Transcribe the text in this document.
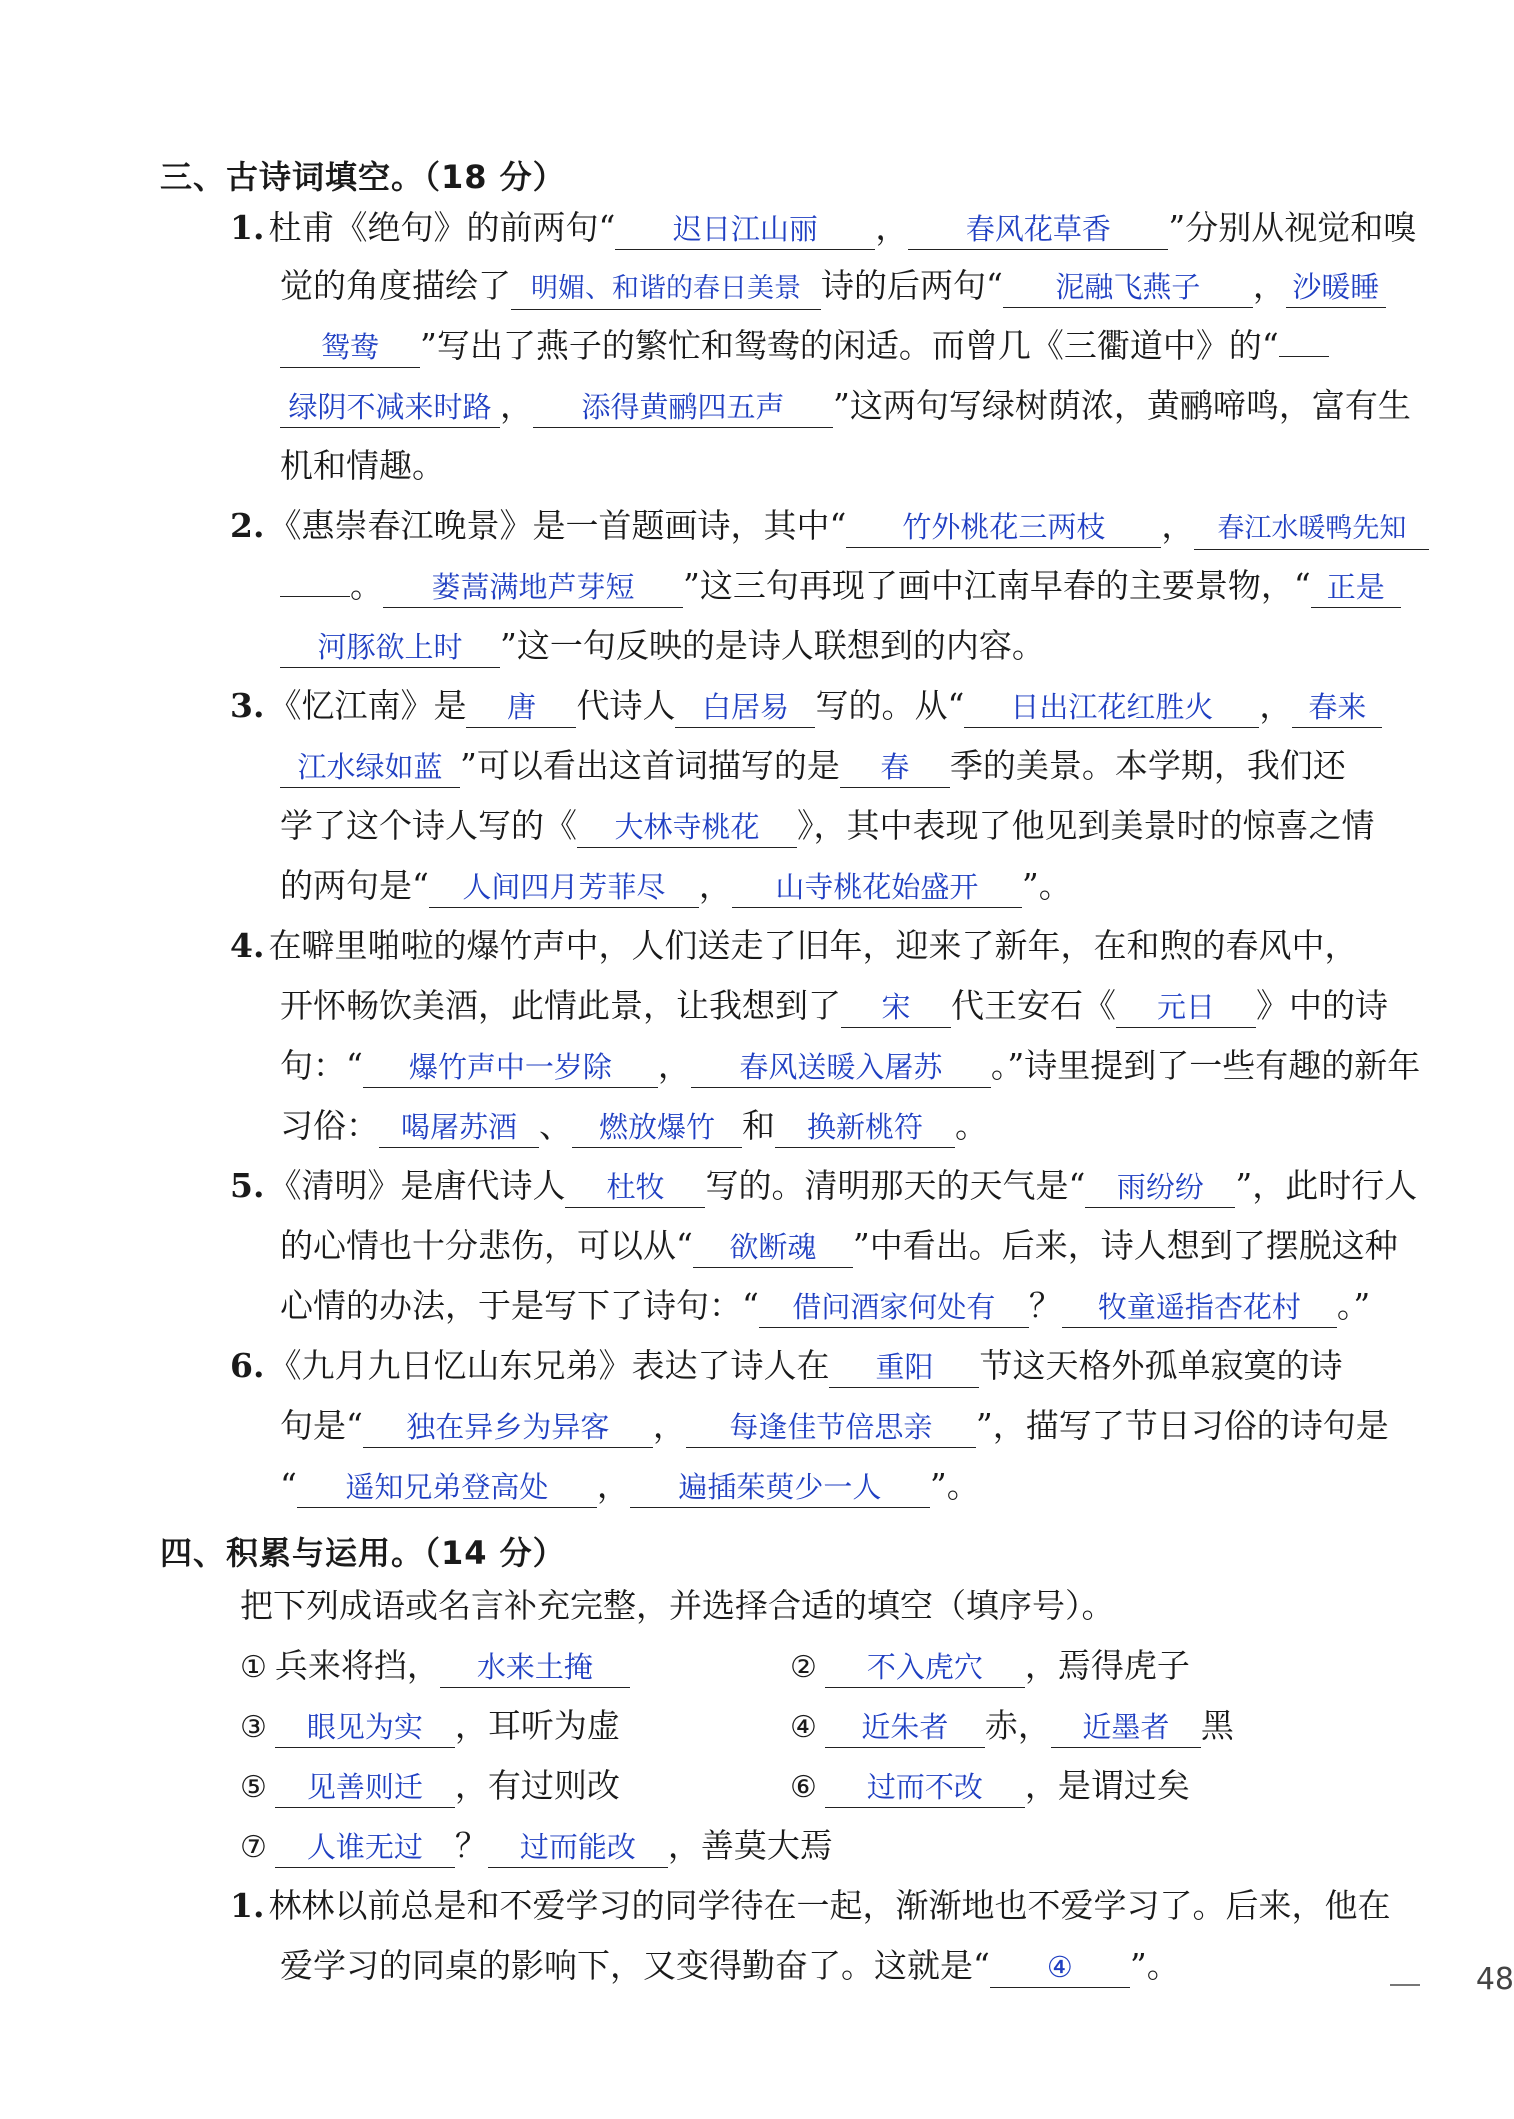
三、古诗词填空。（18 分）
1. 杜甫《绝句》的前两句“ 迟日江山丽 ， 春风花草香 ”分别从视觉和嗅
觉的角度描绘了 明媚、和谐的春日美景 诗的后两句“ 泥融飞燕子 ， 沙暖睡
鸳鸯 ”写出了燕子的繁忙和鸳鸯的闲适。而曾几《三衢道中》的“
绿阴不减来时路 ， 添得黄鹂四五声 ”这两句写绿树荫浓，黄鹂啼鸣，富有生
机和情趣。
2. 《惠崇春江晚景》是一首题画诗，其中“ 竹外桃花三两枝 ， 春江水暖鸭先知
。 蒌蒿满地芦芽短 ”这三句再现了画中江南早春的主要景物，“ 正是
河豚欲上时 ”这一句反映的是诗人联想到的内容。
3. 《忆江南》是 唐 代诗人 白居易 写的。从“ 日出江花红胜火 ， 春来
江水绿如蓝 ”可以看出这首词描写的是 春 季的美景。本学期，我们还
学了这个诗人写的《 大林寺桃花 》，其中表现了他见到美景时的惊喜之情
的两句是“ 人间四月芳菲尽 ， 山寺桃花始盛开 ”。
4. 在噼里啪啦的爆竹声中，人们送走了旧年，迎来了新年，在和煦的春风中，
开怀畅饮美酒，此情此景，让我想到了 宋 代王安石《 元日 》中的诗
句：“ 爆竹声中一岁除 ， 春风送暖入屠苏 。”诗里提到了一些有趣的新年
习俗： 喝屠苏酒 、 燃放爆竹 和 换新桃符 。
5. 《清明》是唐代诗人 杜牧 写的。清明那天的天气是“ 雨纷纷 ”，此时行人
的心情也十分悲伤，可以从“ 欲断魂 ”中看出。后来，诗人想到了摆脱这种
心情的办法，于是写下了诗句：“ 借问酒家何处有 ？ 牧童遥指杏花村 。”
6. 《九月九日忆山东兄弟》表达了诗人在 重阳 节这天格外孤单寂寞的诗
句是“ 独在异乡为异客 ， 每逢佳节倍思亲 ”，描写了节日习俗的诗句是
“ 遥知兄弟登高处 ， 遍插茱萸少一人 ”。
四、积累与运用。（14 分）
把下列成语或名言补充完整，并选择合适的填空（填序号）。
① 兵来将挡， 水来土掩	② 不入虎穴 ，焉得虎子
③ 眼见为实 ，耳听为虚	④ 近朱者 赤， 近墨者 黑
⑤ 见善则迁 ，有过则改	⑥ 过而不改 ，是谓过矣
⑦ 人谁无过 ？ 过而能改 ，善莫大焉
1. 林林以前总是和不爱学习的同学待在一起，渐渐地也不爱学习了。后来，他在
爱学习的同桌的影响下，又变得勤奋了。这就是“ ④ ”。	48
